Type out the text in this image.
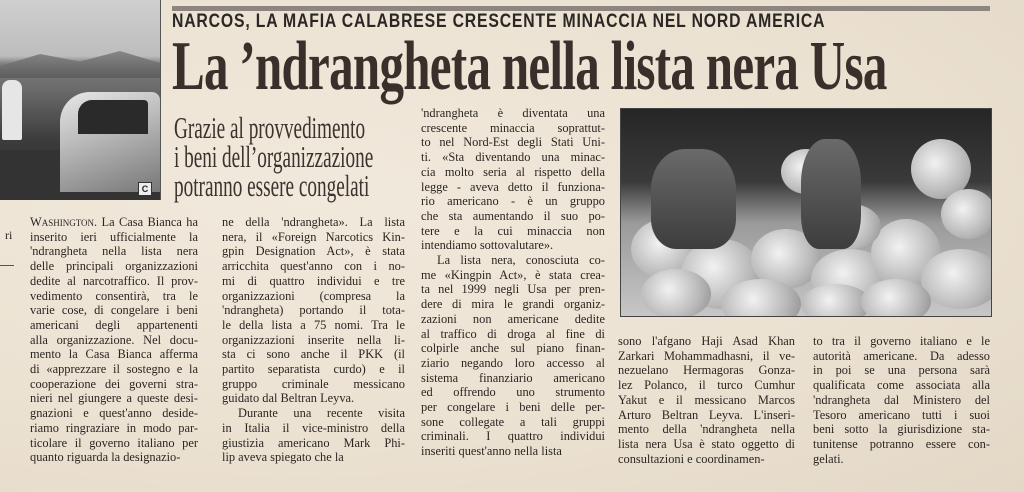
ri
C
NARCOS, LA MAFIA CALABRESE CRESCENTE MINACCIA NEL NORD AMERICA
La ’ndrangheta nella lista nera Usa
Grazie al provvedimento
i beni dell’organizzazione
potranno essere congelati
Washington. La Casa Bianca ha
inserito ieri ufficialmente la
'ndrangheta nella lista nera
delle principali organizzazioni
dedite al narcotraffico. Il prov-
vedimento consentirà, tra le
varie cose, di congelare i beni
americani degli appartenenti
alla organizzazione. Nel docu-
mento la Casa Bianca afferma
di «apprezzare il sostegno e la
cooperazione dei governi stra-
nieri nel giungere a queste desi-
gnazioni e quest'anno deside-
riamo ringraziare in modo par-
ticolare il governo italiano per
quanto riguarda la designazio-
ne della 'ndrangheta». La lista
nera, il «Foreign Narcotics Kin-
gpin Designation Act», è stata
arricchita quest'anno con i no-
mi di quattro individui e tre
organizzazioni (compresa la
'ndrangheta) portando il tota-
le della lista a 75 nomi. Tra le
organizzazioni inserite nella li-
sta ci sono anche il PKK (il
partito separatista curdo) e il
gruppo criminale messicano
guidato dal Beltran Leyva.
Durante una recente visita
in Italia il vice-ministro della
giustizia americano Mark Phi-
lip aveva spiegato che la
'ndrangheta è diventata una
crescente minaccia soprattut-
to nel Nord-Est degli Stati Uni-
ti. «Sta diventando una minac-
cia molto seria al rispetto della
legge - aveva detto il funziona-
rio americano - è un gruppo
che sta aumentando il suo po-
tere e la cui minaccia non
intendiamo sottovalutare».
La lista nera, conosciuta co-
me «Kingpin Act», è stata crea-
ta nel 1999 negli Usa per pren-
dere di mira le grandi organiz-
zazioni non americane dedite
al traffico di droga al fine di
colpirle anche sul piano finan-
ziario negando loro accesso al
sistema finanziario americano
ed offrendo uno strumento
per congelare i beni delle per-
sone collegate a tali gruppi
criminali. I quattro individui
inseriti quest'anno nella lista
sono l'afgano Haji Asad Khan
Zarkari Mohammadhasni, il ve-
nezuelano Hermagoras Gonza-
lez Polanco, il turco Cumhur
Yakut e il messicano Marcos
Arturo Beltran Leyva. L'inseri-
mento della 'ndrangheta nella
lista nera Usa è stato oggetto di
consultazioni e coordinamen-
to tra il governo italiano e le
autorità americane. Da adesso
in poi se una persona sarà
qualificata come associata alla
'ndrangheta dal Ministero del
Tesoro americano tutti i suoi
beni sotto la giurisdizione sta-
tunitense potranno essere con-
gelati.
